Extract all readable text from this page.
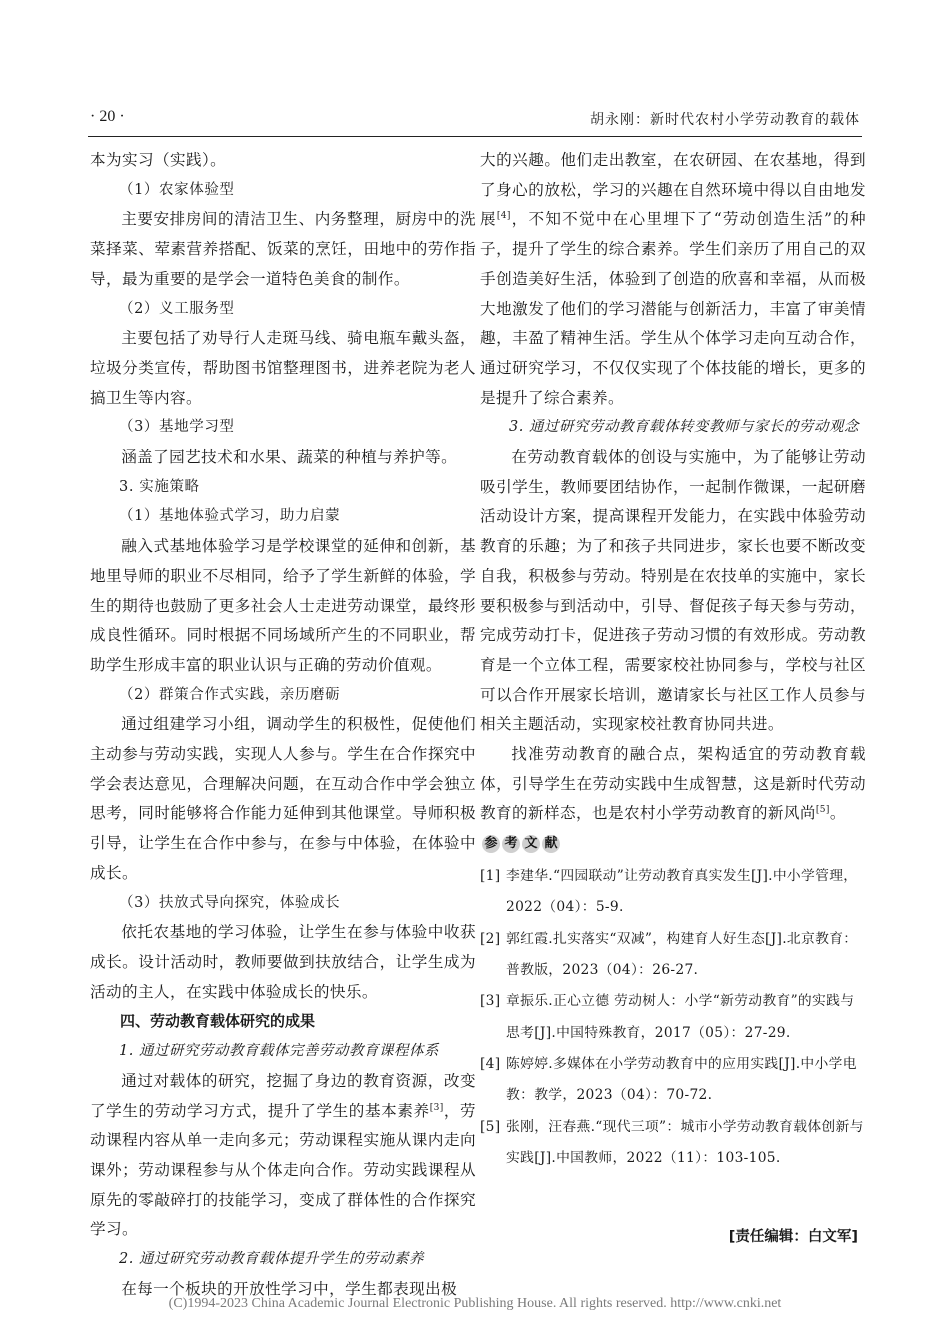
· 20 ·	胡永刚：新时代农村小学劳动教育的载体

本为实习（实践）。

（1）农家体验型

主要安排房间的清洁卫生、内务整理，厨房中的洗菜择菜、荤素营养搭配、饭菜的烹饪，田地中的劳作指导，最为重要的是学会一道特色美食的制作。

（2）义工服务型

主要包括了劝导行人走斑马线、骑电瓶车戴头盔，垃圾分类宣传，帮助图书馆整理图书，进养老院为老人搞卫生等内容。

（3）基地学习型

涵盖了园艺技术和水果、蔬菜的种植与养护等。

3. 实施策略

（1）基地体验式学习，助力启蒙

融入式基地体验学习是学校课堂的延伸和创新，基地里导师的职业不尽相同，给予了学生新鲜的体验，学生的期待也鼓励了更多社会人士走进劳动课堂，最终形成良性循环。同时根据不同场域所产生的不同职业，帮助学生形成丰富的职业认识与正确的劳动价值观。

（2）群策合作式实践，亲历磨砺

通过组建学习小组，调动学生的积极性，促使他们主动参与劳动实践，实现人人参与。学生在合作探究中学会表达意见，合理解决问题，在互动合作中学会独立思考，同时能够将合作能力延伸到其他课堂。导师积极引导，让学生在合作中参与，在参与中体验，在体验中成长。

（3）扶放式导向探究，体验成长

依托农基地的学习体验，让学生在参与体验中收获成长。设计活动时，教师要做到扶放结合，让学生成为活动的主人，在实践中体验成长的快乐。

四、劳动教育载体研究的成果

1. 通过研究劳动教育载体完善劳动教育课程体系

通过对载体的研究，挖掘了身边的教育资源，改变了学生的劳动学习方式，提升了学生的基本素养[3]，劳动课程内容从单一走向多元；劳动课程实施从课内走向课外；劳动课程参与从个体走向合作。劳动实践课程从原先的零敲碎打的技能学习，变成了群体性的合作探究学习。

2. 通过研究劳动教育载体提升学生的劳动素养

在每一个板块的开放性学习中，学生都表现出极

大的兴趣。他们走出教室，在农研园、在农基地，得到了身心的放松，学习的兴趣在自然环境中得以自由地发展[4]，不知不觉中在心里埋下了“劳动创造生活”的种子，提升了学生的综合素养。学生们亲历了用自己的双手创造美好生活，体验到了创造的欣喜和幸福，从而极大地激发了他们的学习潜能与创新活力，丰富了审美情趣，丰盈了精神生活。学生从个体学习走向互动合作，通过研究学习，不仅仅实现了个体技能的增长，更多的是提升了综合素养。

3. 通过研究劳动教育载体转变教师与家长的劳动观念

在劳动教育载体的创设与实施中，为了能够让劳动吸引学生，教师要团结协作，一起制作微课，一起研磨活动设计方案，提高课程开发能力，在实践中体验劳动教育的乐趣；为了和孩子共同进步，家长也要不断改变自我，积极参与劳动。特别是在农技单的实施中，家长要积极参与到活动中，引导、督促孩子每天参与劳动，完成劳动打卡，促进孩子劳动习惯的有效形成。劳动教育是一个立体工程，需要家校社协同参与，学校与社区可以合作开展家长培训，邀请家长与社区工作人员参与相关主题活动，实现家校社教育协同共进。

找准劳动教育的融合点，架构适宜的劳动教育载体，引导学生在劳动实践中生成智慧，这是新时代劳动教育的新样态，也是农村小学劳动教育的新风尚[5]。

参 考 文 献
[1] 李建华.“四园联动”让劳动教育真实发生[J].中小学管理，2022（04）：5-9.
[2] 郭红霞.扎实落实“双减”，构建育人好生态[J].北京教育：普教版，2023（04）：26-27.
[3] 章振乐.正心立德 劳动树人：小学“新劳动教育”的实践与思考[J].中国特殊教育，2017（05）：27-29.
[4] 陈婷婷.多媒体在小学劳动教育中的应用实践[J].中小学电教：教学，2023（04）：70-72.
[5] 张刚，汪春燕.“现代三项”：城市小学劳动教育载体创新与实践[J].中国教师，2022（11）：103-105.
[责任编辑：白文军]
(C)1994-2023 China Academic Journal Electronic Publishing House. All rights reserved. http://www.cnki.net
